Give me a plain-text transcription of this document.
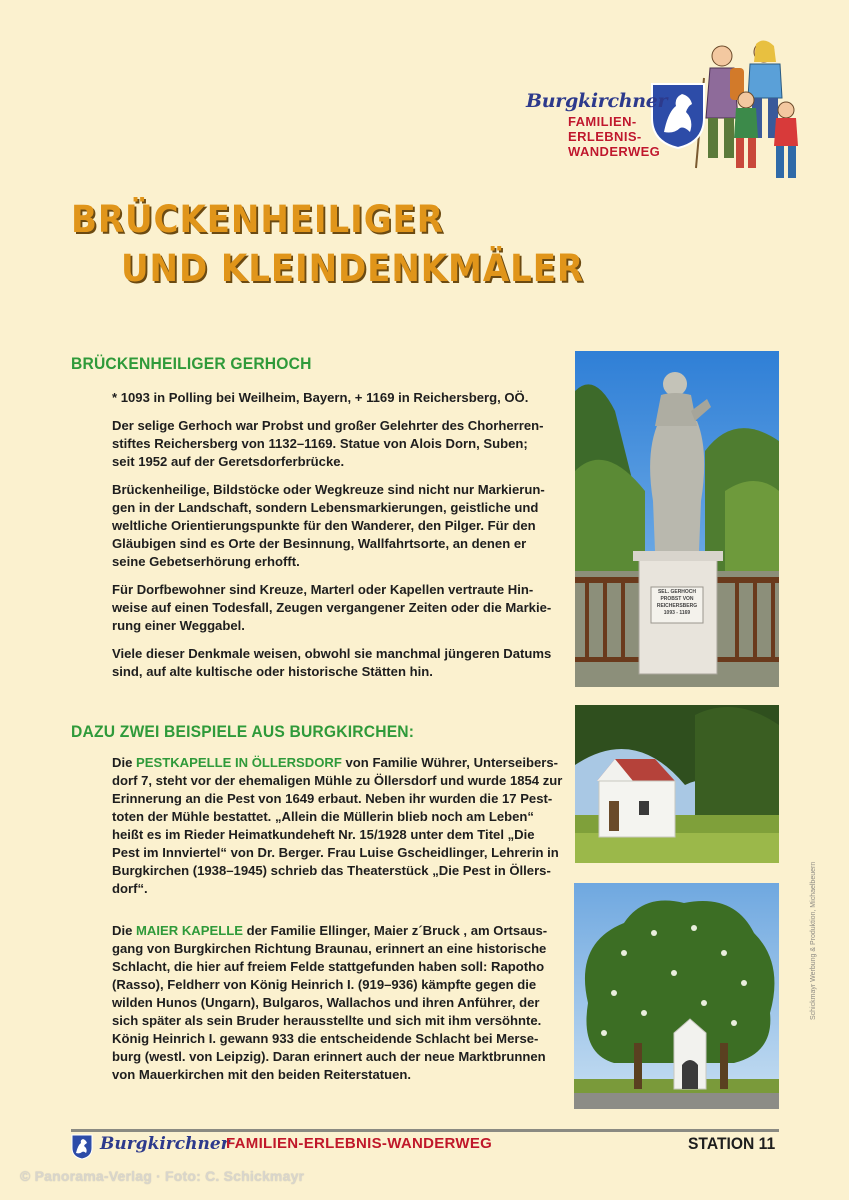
Burgkirchner
FAMILIEN-
ERLEBNIS-
WANDERWEG
BRÜCKENHEILIGER
UND KLEINDENKMÄLER
BRÜCKENHEILIGER GERHOCH

* 1093 in Polling bei Weilheim, Bayern, + 1169 in Reichersberg, OÖ.

Der selige Gerhoch war Probst und großer Gelehrter des Chorherren-

stiftes Reichersberg von 1132–1169. Statue von Alois Dorn, Suben;

seit 1952 auf der Geretsdorferbrücke.

Brückenheilige, Bildstöcke oder Wegkreuze sind nicht nur Markierun-

gen in der Landschaft, sondern Lebensmarkierungen, geistliche und

weltliche Orientierungspunkte für den Wanderer, den Pilger. Für den

Gläubigen sind es Orte der Besinnung, Wallfahrtsorte, an denen er

seine Gebetserhörung erhofft.

Für Dorfbewohner sind Kreuze, Marterl oder Kapellen vertraute Hin-

weise auf einen Todesfall, Zeugen vergangener Zeiten oder die Markie-

rung einer Weggabel.

Viele dieser Denkmale weisen, obwohl sie manchmal jüngeren Datums

sind, auf alte kultische oder historische Stätten hin.

DAZU ZWEI BEISPIELE AUS BURGKIRCHEN:

Die PESTKAPELLE IN ÖLLERSDORF von Familie Wührer, Unterseibers-

dorf 7, steht vor der ehemaligen Mühle zu Öllersdorf und wurde 1854 zur

Erinnerung an die Pest von 1649 erbaut. Neben ihr wurden die 17 Pest-

toten der Mühle bestattet. „Allein die Müllerin blieb noch am Leben“

heißt es im Rieder Heimatkundeheft Nr. 15/1928 unter dem Titel „Die

Pest im Innviertel“ von Dr. Berger. Frau Luise Gscheidlinger, Lehrerin in

Burgkirchen (1938–1945) schrieb das Theaterstück „Die Pest in Öllers-

dorf“.

Die MAIER KAPELLE der Familie Ellinger, Maier z´Bruck , am Ortsaus-

gang von Burgkirchen Richtung Braunau, erinnert an eine historische

Schlacht, die hier auf freiem Felde stattgefunden haben soll: Rapotho

(Rasso), Feldherr von König Heinrich I. (919–936) kämpfte gegen die

wilden Hunos (Ungarn), Bulgaros, Wallachos und ihren Anführer, der

sich später als sein Bruder herausstellte und sich mit ihm versöhnte.

König Heinrich I. gewann 933 die entscheidende Schlacht bei Merse-

burg (westl. von Leipzig). Daran erinnert auch der neue Marktbrunnen

von Mauerkirchen mit den beiden Reiterstatuen.

SEL. GERHOCH
PROBST VON
REICHERSBERG
1093 - 1169
Burgkirchner
FAMILIEN-ERLEBNIS-WANDERWEG	STATION 11
© Panorama-Verlag · Foto: C. Schickmayr
Schickmayr Werbung & Produktion, Michaelbeuern
